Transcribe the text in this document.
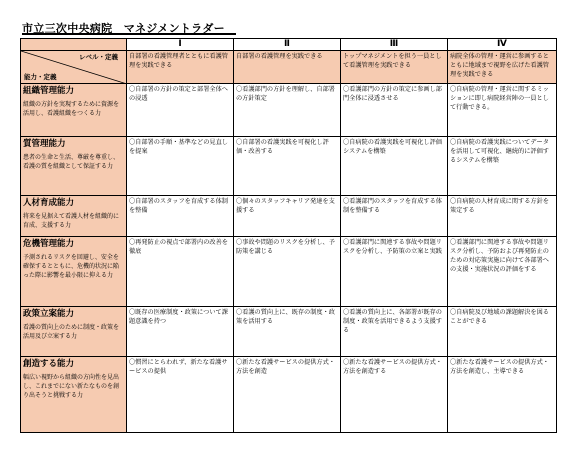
市立三次中央病院　マネジメントラダー
	Ⅰ	Ⅱ	Ⅲ	Ⅳ

レベル・定義
能力・定義	自部署の看護管理者とともに看護管理を実践できる	自部署の看護管理を実践できる	トップマネジメントを担う一員として看護管理を実践できる	病院全体の管理・運営に参画するとともに地域まで視野を広げた看護管理を実践できる

組織管理能力
組織の方針を実現するために資源を活用し、看護組織をつくる力	〇自部署の方針の策定と部署全体への浸透	〇看護部門の方針を理解し、自部署の方針策定	〇看護部門の方針の策定に参画し部門全体に浸透させる	〇自病院の管理・運営に関するミッションに即し病院経営陣の一員として行動できる。

質管理能力
患者の生命と生活、尊厳を尊重し、看護の質を組織として保証する力	〇自部署の手順・基準などの見直しを提案	〇自部署の看護実践を可視化し評価・改善する	〇自病院の看護実践を可視化し評価システムを構築	〇自病院の看護実践についてデータを活用して可視化、継続的に評価するシステムを構築

人材育成能力
将来を見据えて看護人材を組織的に育成、支援する力	〇自部署のスタッフを育成する体制を整備	〇個々のスタッフキャリア発達を支援する	〇看護部門のスタッフを育成する体制を整備する	〇自病院の人材育成に関する方針を策定する

危機管理能力
予測されるリスクを回避し、安全を確保するとともに、危機的状況に陥った際に影響を最小限に抑える力	〇再発防止の視点で部署内の改善を徹底	〇事故や問題のリスクを分析し、予防策を講じる	〇看護部門に関連する事故や問題リスクを分析し、予防策の立案と実践	〇看護部門に関連する事故や問題リスク分析し、予防および再発防止のための対応策実施に向けて各部署への支援・実施状況の評価をする

政策立案能力
看護の質向上のために制度・政策を活用及び立案する力	〇既存の医療制度・政策について課題意識を持つ	〇看護の質向上に、既存の制度・政策を活用する	〇看護の質向上に、各部署が既存の制度・政策を活用できるよう支援する	〇自病院及び地域の課題解決を図ることができる

創造する能力
幅広い視野から組織の方向性を見出し、これまでにない新たなものを創り出そうと挑戦する力	〇慣習にとらわれず、新たな看護サービスの提供	〇新たな看護サービスの提供方式・方法を創造	〇新たな看護サービスの提供方式・方法を創造する	〇新たな看護サービスの提供方式・方法を創造し、主導できる
